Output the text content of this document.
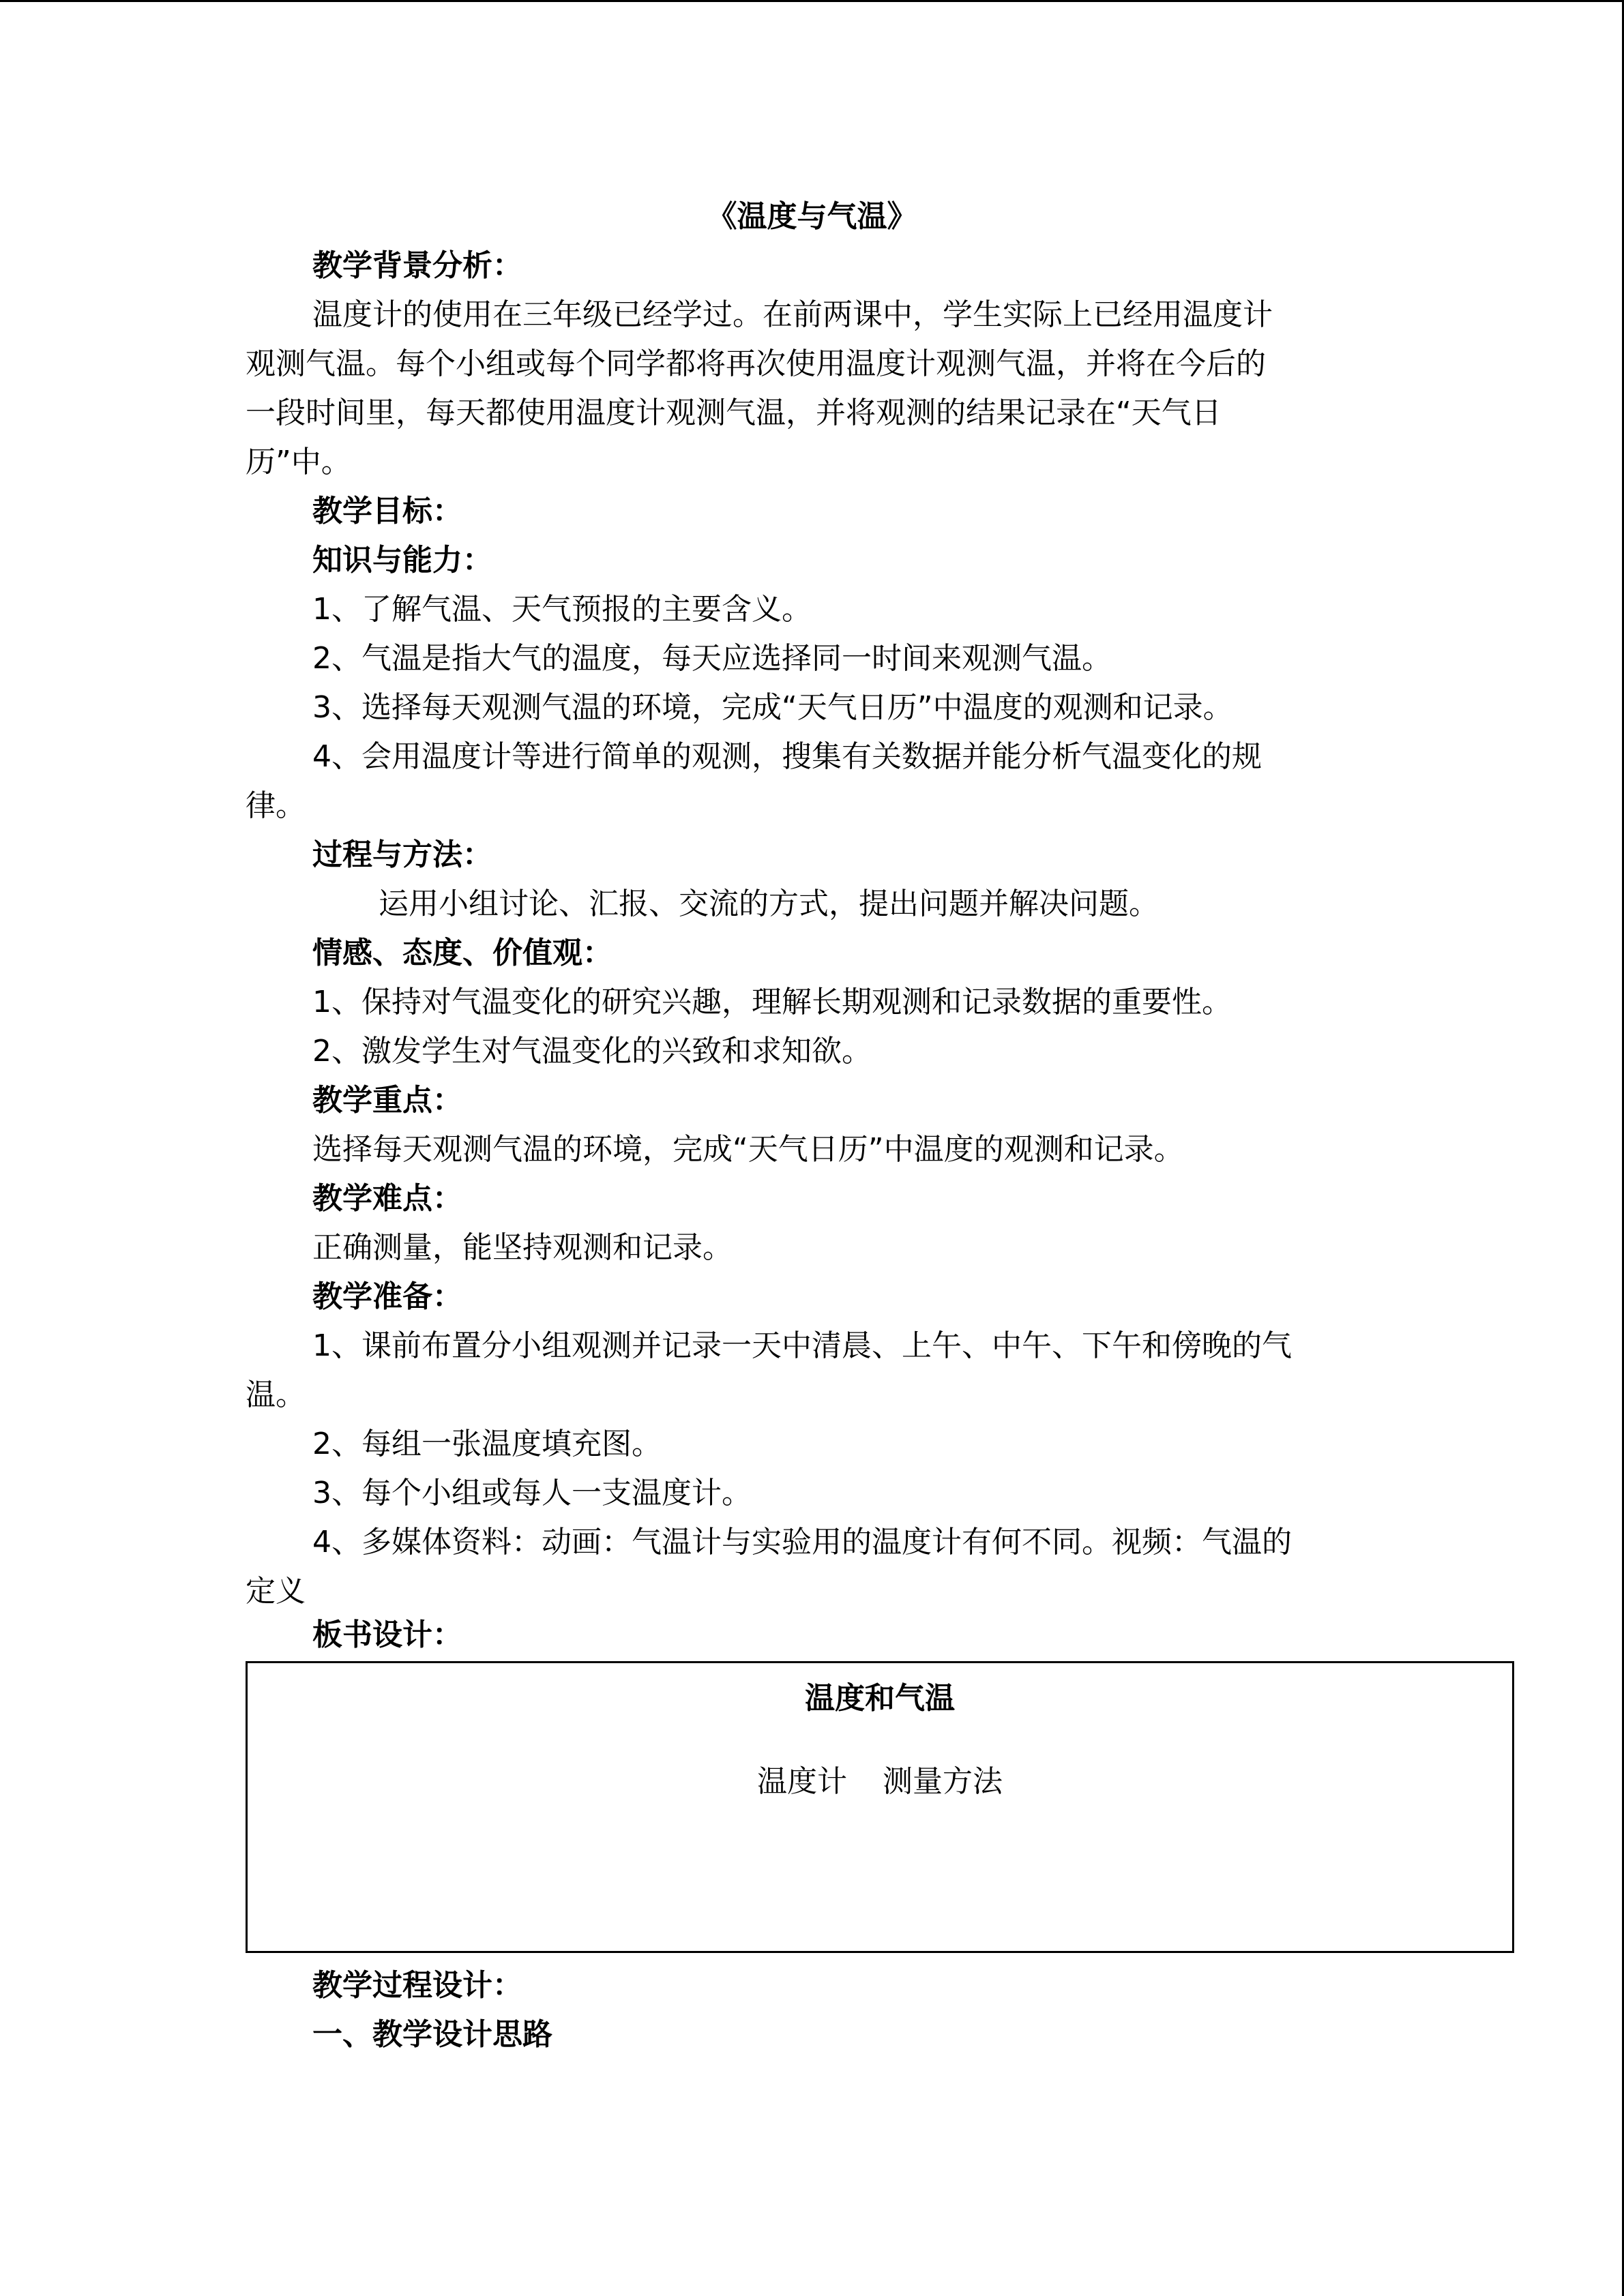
《温度与气温》
教学背景分析：
温度计的使用在三年级已经学过。在前两课中，学生实际上已经用温度计
观测气温。每个小组或每个同学都将再次使用温度计观测气温，并将在今后的
一段时间里，每天都使用温度计观测气温，并将观测的结果记录在“天气日
历”中。
教学目标：
知识与能力：
1、了解气温、天气预报的主要含义。
2、气温是指大气的温度，每天应选择同一时间来观测气温。
3、选择每天观测气温的环境，完成“天气日历”中温度的观测和记录。
4、会用温度计等进行简单的观测，搜集有关数据并能分析气温变化的规
律。
过程与方法：
运用小组讨论、汇报、交流的方式，提出问题并解决问题。
情感、态度、价值观：
1、保持对气温变化的研究兴趣，理解长期观测和记录数据的重要性。
2、激发学生对气温变化的兴致和求知欲。
教学重点：
选择每天观测气温的环境，完成“天气日历”中温度的观测和记录。
教学难点：
正确测量，能坚持观测和记录。
教学准备：
1、课前布置分小组观测并记录一天中清晨、上午、中午、下午和傍晚的气
温。
2、每组一张温度填充图。
3、每个小组或每人一支温度计。
4、多媒体资料：动画：气温计与实验用的温度计有何不同。视频：气温的
定义
板书设计：
温度和气温
温度计 测量方法
教学过程设计：
一、教学设计思路
